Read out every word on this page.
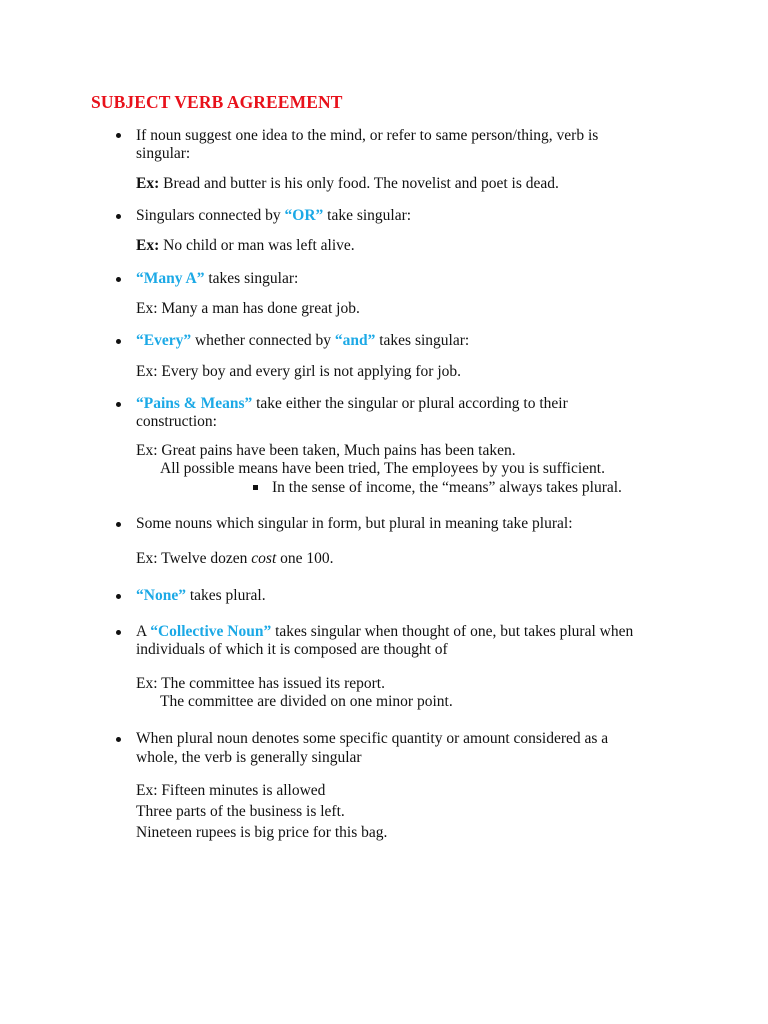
SUBJECT VERB AGREEMENT
If noun suggest one idea to the mind, or refer to same person/thing, verb is
singular:
Ex: Bread and butter is his only food. The novelist and poet is dead.
Singulars connected by “OR” take singular:
Ex: No child or man was left alive.
“Many A” takes singular:
Ex: Many a man has done great job.
“Every” whether connected by “and” takes singular:
Ex: Every boy and every girl is not applying for job.
“Pains & Means” take either the singular or plural according to their
construction:
Ex: Great pains have been taken, Much pains has been taken.
All possible means have been tried, The employees by you is sufficient.
In the sense of income, the “means” always takes plural.
Some nouns which singular in form, but plural in meaning take plural:
Ex: Twelve dozen cost one 100.
“None” takes plural.
A “Collective Noun” takes singular when thought of one, but takes plural when
individuals of which it is composed are thought of
Ex: The committee has issued its report.
The committee are divided on one minor point.
When plural noun denotes some specific quantity or amount considered as a
whole, the verb is generally singular
Ex: Fifteen minutes is allowed
Three parts of the business is left.
Nineteen rupees is big price for this bag.
